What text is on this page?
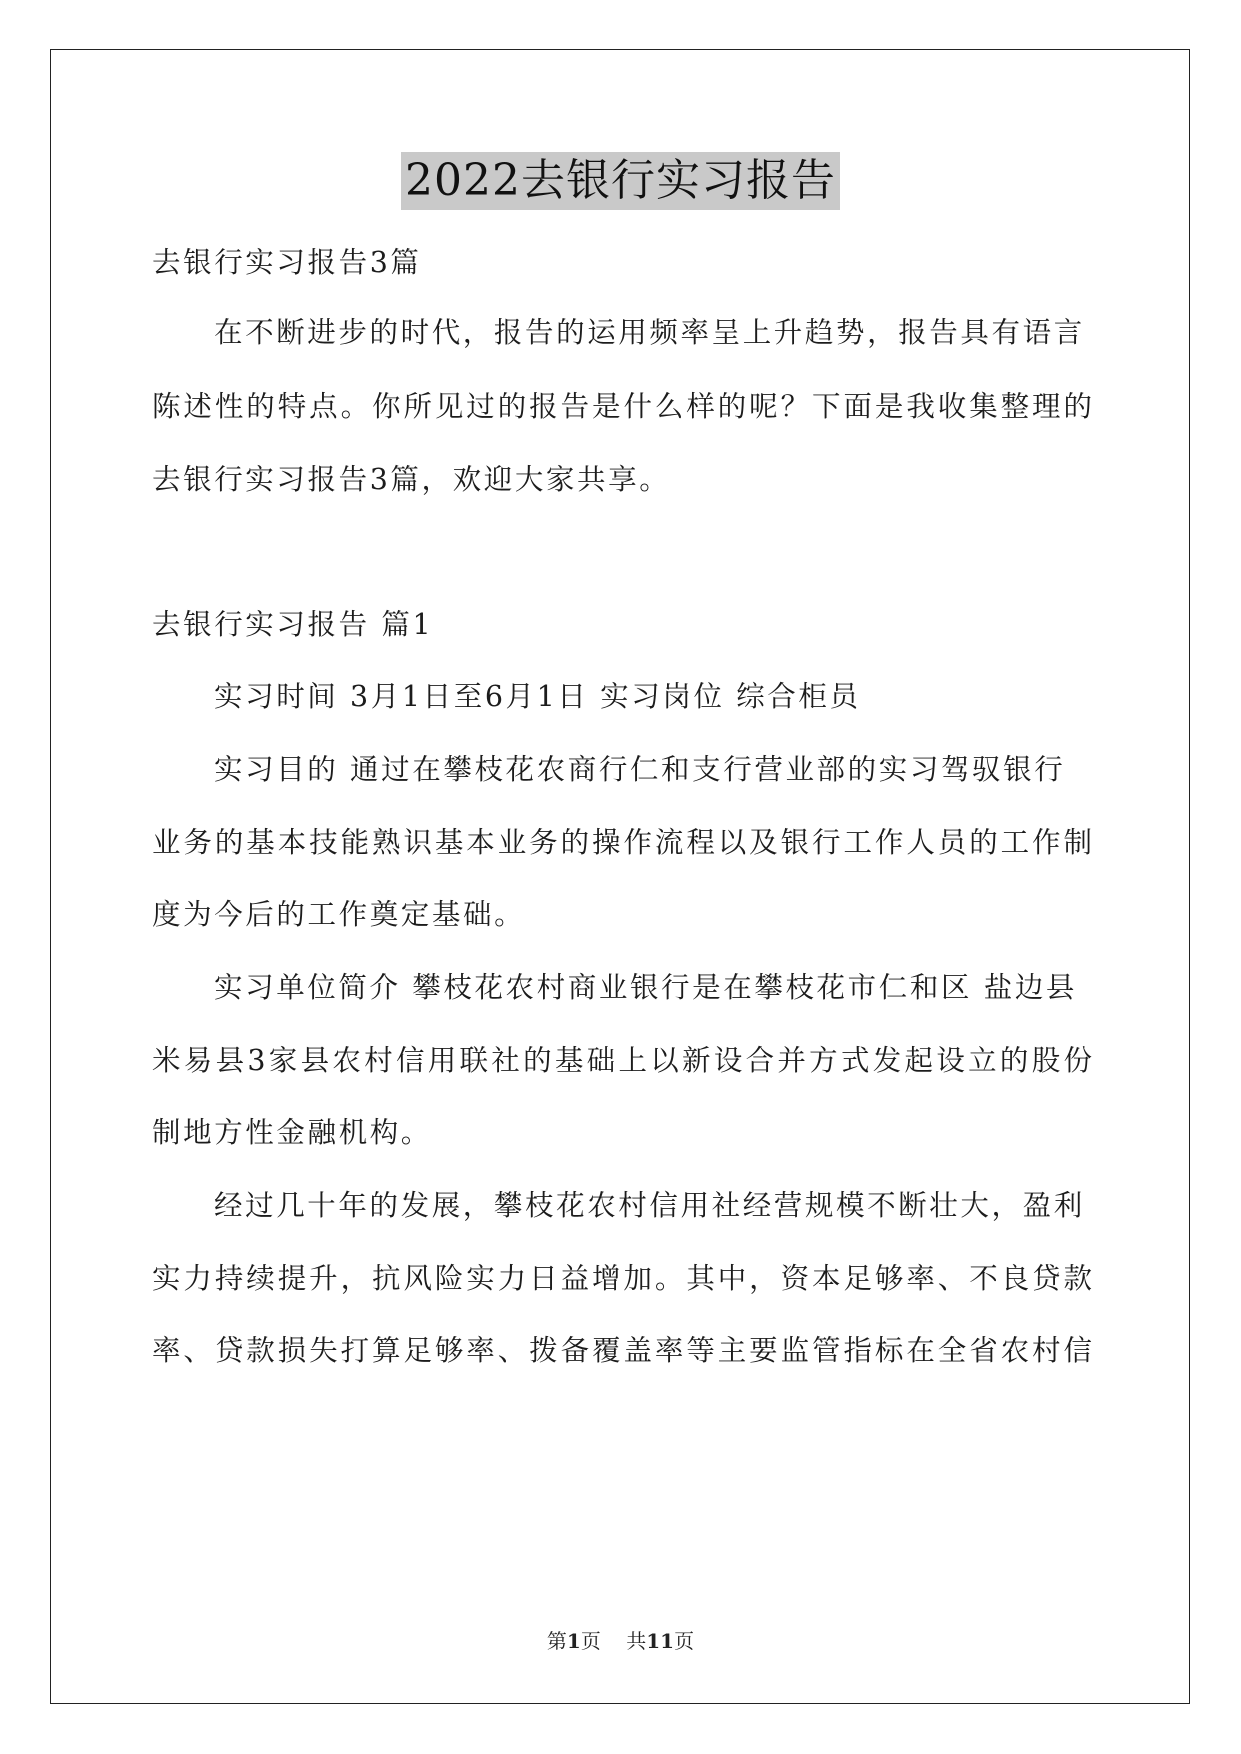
2022去银行实习报告
去银行实习报告3篇
在不断进步的时代，报告的运用频率呈上升趋势，报告具有语言
陈述性的特点。你所见过的报告是什么样的呢？下面是我收集整理的
去银行实习报告3篇，欢迎大家共享。
去银行实习报告 篇1
实习时间 3月1日至6月1日 实习岗位 综合柜员
实习目的 通过在攀枝花农商行仁和支行营业部的实习驾驭银行
业务的基本技能熟识基本业务的操作流程以及银行工作人员的工作制
度为今后的工作奠定基础。
实习单位简介 攀枝花农村商业银行是在攀枝花市仁和区 盐边县
米易县3家县农村信用联社的基础上以新设合并方式发起设立的股份
制地方性金融机构。
经过几十年的发展，攀枝花农村信用社经营规模不断壮大，盈利
实力持续提升，抗风险实力日益增加。其中，资本足够率、不良贷款
率、贷款损失打算足够率、拨备覆盖率等主要监管指标在全省农村信
第1页    共11页
